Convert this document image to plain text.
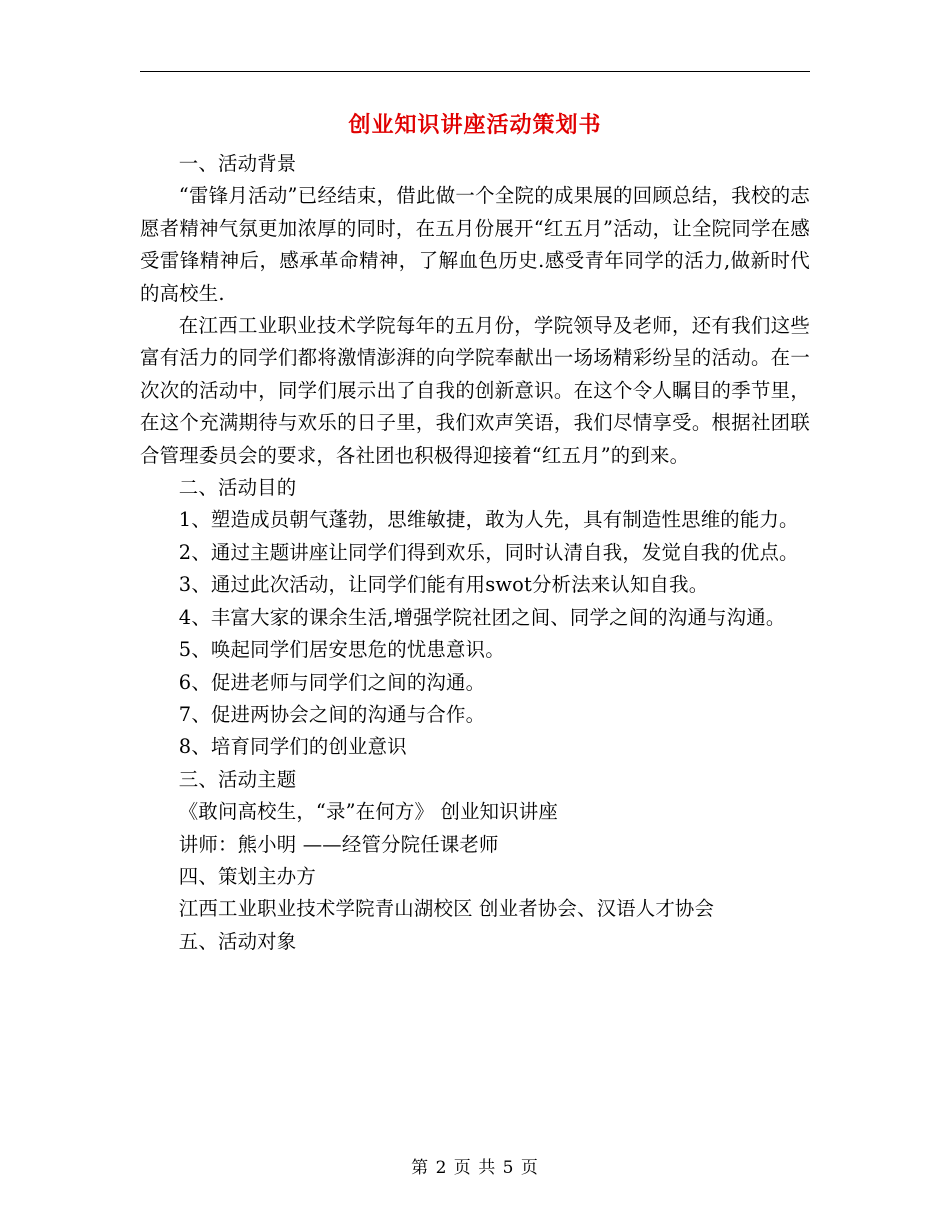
创业知识讲座活动策划书

一、活动背景

“雷锋月活动”已经结束，借此做一个全院的成果展的回顾总结，我校的志愿者精神气氛更加浓厚的同时，在五月份展开“红五月”活动，让全院同学在感受雷锋精神后，感承革命精神，了解血色历史.感受青年同学的活力,做新时代的高校生.

在江西工业职业技术学院每年的五月份，学院领导及老师，还有我们这些富有活力的同学们都将激情澎湃的向学院奉献出一场场精彩纷呈的活动。在一次次的活动中，同学们展示出了自我的创新意识。在这个令人瞩目的季节里，在这个充满期待与欢乐的日子里，我们欢声笑语，我们尽情享受。根据社团联合管理委员会的要求，各社团也积极得迎接着“红五月”的到来。

二、活动目的

1、塑造成员朝气蓬勃，思维敏捷，敢为人先，具有制造性思维的能力。

2、通过主题讲座让同学们得到欢乐，同时认清自我，发觉自我的优点。

3、通过此次活动，让同学们能有用swot分析法来认知自我。

4、丰富大家的课余生活,增强学院社团之间、同学之间的沟通与沟通。

5、唤起同学们居安思危的忧患意识。

6、促进老师与同学们之间的沟通。

7、促进两协会之间的沟通与合作。

8、培育同学们的创业意识

三、活动主题

《敢问高校生，“录”在何方》 创业知识讲座

讲师：熊小明 ——经管分院任课老师

四、策划主办方

江西工业职业技术学院青山湖校区 创业者协会、汉语人才协会

五、活动对象

第 2 页 共 5 页
